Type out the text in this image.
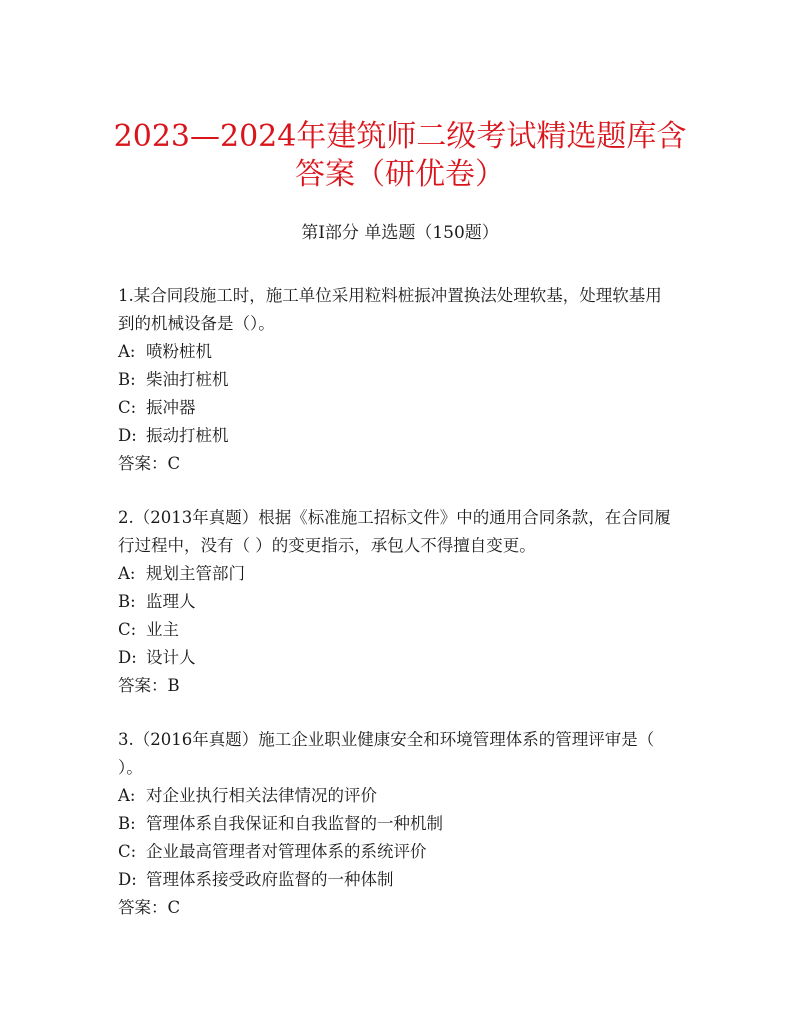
2023—2024年建筑师二级考试精选题库含答案（研优卷）

第I部分 单选题（150题）

1.某合同段施工时，施工单位采用粒料桩振冲置换法处理软基，处理软基用到的机械设备是（）。

A: 喷粉桩机

B: 柴油打桩机

C: 振冲器

D: 振动打桩机

答案：C

2.（2013年真题）根据《标准施工招标文件》中的通用合同条款，在合同履行过程中，没有（ ）的变更指示，承包人不得擅自变更。

A: 规划主管部门

B: 监理人

C: 业主

D: 设计人

答案：B

3.（2016年真题）施工企业职业健康安全和环境管理体系的管理评审是（ ）。

A: 对企业执行相关法律情况的评价

B: 管理体系自我保证和自我监督的一种机制

C: 企业最高管理者对管理体系的系统评价

D: 管理体系接受政府监督的一种体制

答案：C
